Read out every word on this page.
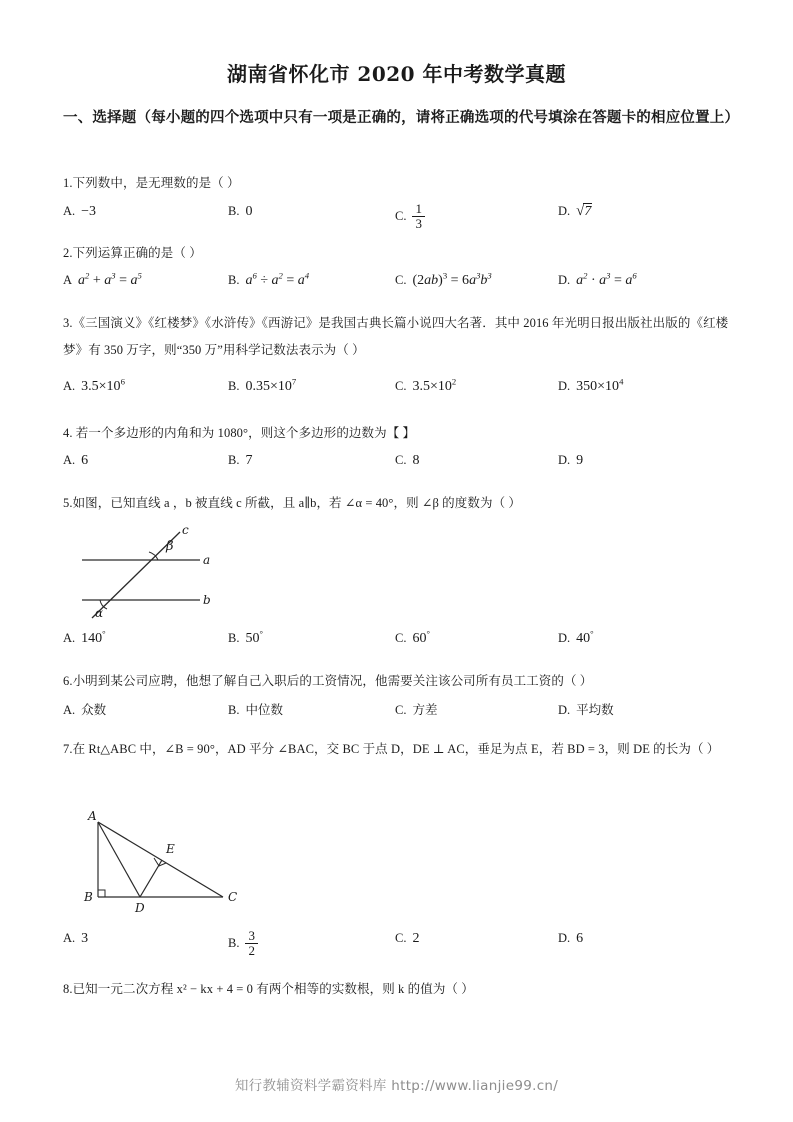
湖南省怀化市 2020 年中考数学真题
一、选择题（每小题的四个选项中只有一项是正确的，请将正确选项的代号填涂在答题卡的相应位置上）
1.下列数中，是无理数的是（ ）
A. −3	B. 0	C. $\frac{1}{3}$	D. √7
2.下列运算正确的是（ ）
A $a^2 + a^3 = a^5$	B. $a^6 \div a^2 = a^4$	C. $(2ab)^3 = 6a^3b^3$	D. $a^2 \cdot a^3 = a^6$
3.《三国演义》《红楼梦》《水浒传》《西游记》是我国古典长篇小说四大名著．其中 2016 年光明日报出版社出版的《红楼梦》有 350 万字，则“350 万”用科学记数法表示为（ ）
A. $3.5\times 10^6$	B. $0.35\times 10^7$	C. $3.5\times 10^2$	D. $350\times 10^4$
4. 若一个多边形的内角和为 1080°，则这个多边形的边数为【 】
A. 6	B. 7	C. 8	D. 9
5.如图，已知直线 a ，b 被直线 c 所截，且 a∥b，若 ∠α = 40°，则 ∠β 的度数为（ ）
β
α
a
b
c
A. 140°	B. 50°	C. 60°	D. 40°
6.小明到某公司应聘，他想了解自己入职后的工资情况，他需要关注该公司所有员工工资的（ ）
A. 众数	B. 中位数	C. 方差	D. 平均数
7.在 Rt△ABC 中，∠B = 90°，AD 平分 ∠BAC，交 BC 于点 D，DE ⊥ AC，垂足为点 E，若 BD = 3，则 DE 的长为（ ）
A
B	C
D
E
A. 3	B. $\frac{3}{2}$	C. 2	D. 6
8.已知一元二次方程 x² − kx + 4 = 0 有两个相等的实数根，则 k 的值为（ ）
知行教辅资料学霸资料库 http://www.lianjie99.cn/
